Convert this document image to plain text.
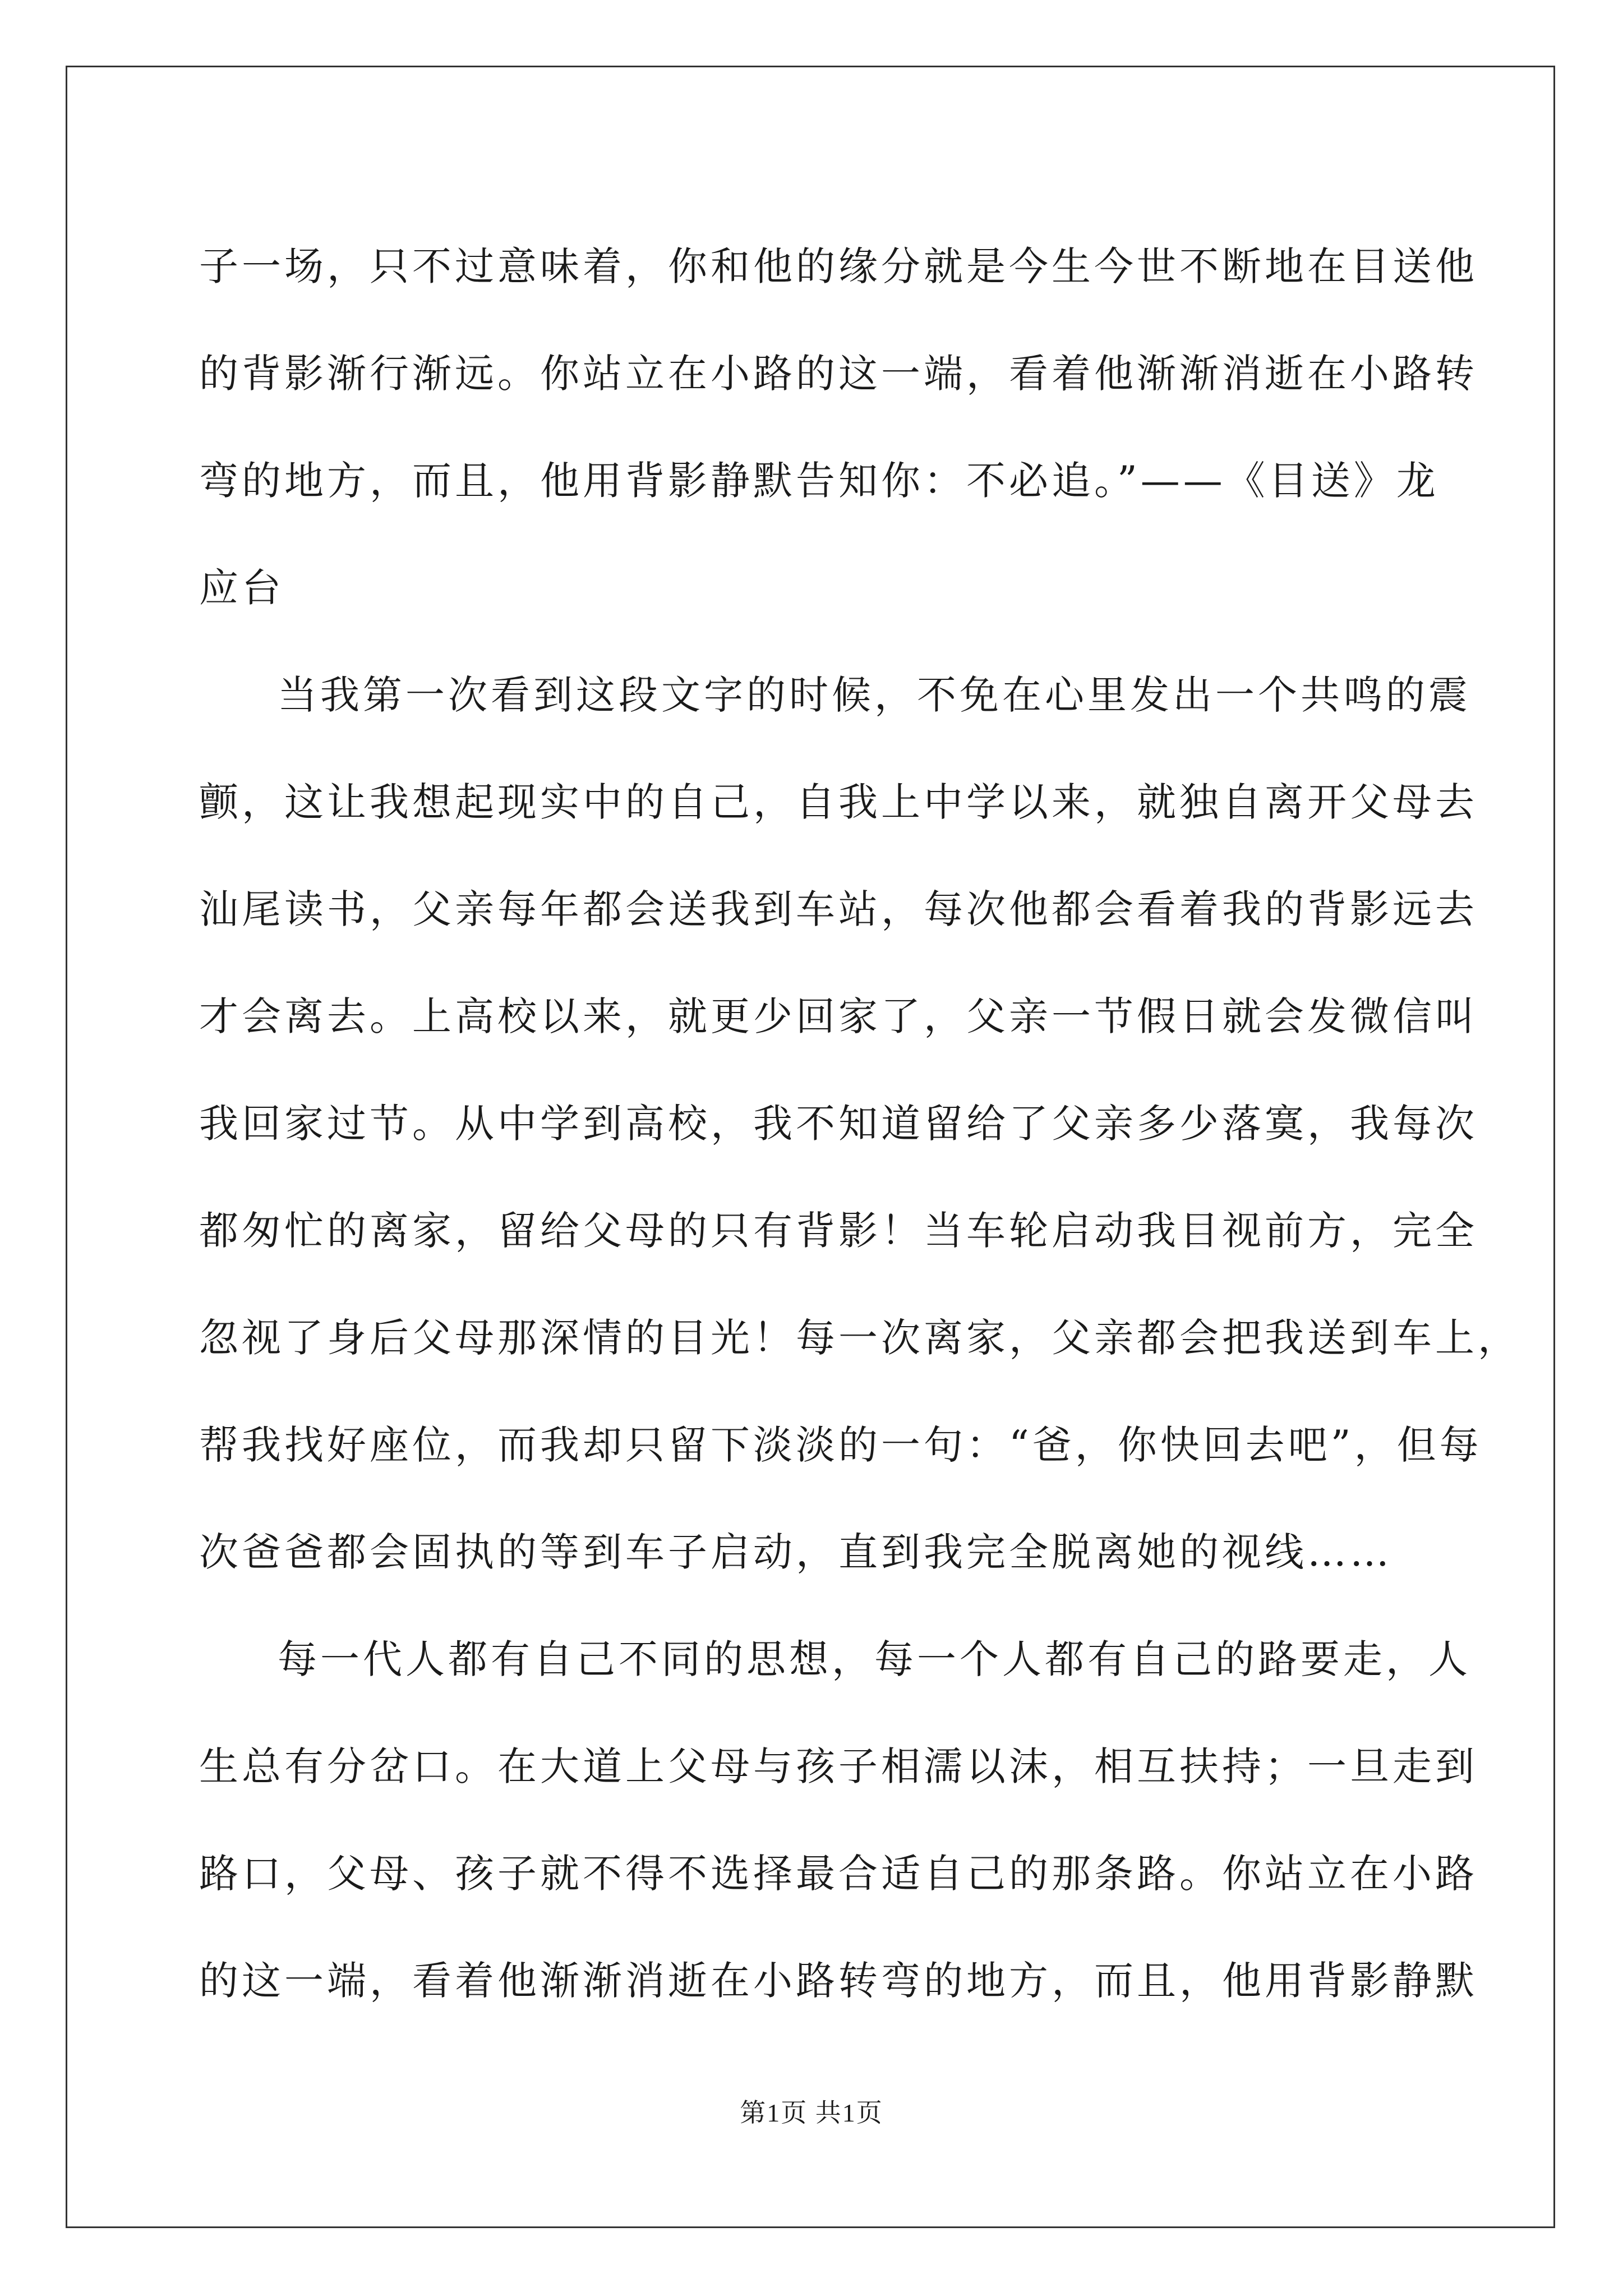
子一场，只不过意味着，你和他的缘分就是今生今世不断地在目送他
的背影渐行渐远。你站立在小路的这一端，看着他渐渐消逝在小路转
弯的地方，而且，他用背影静默告知你：不必追。”——《目送》龙
应台
当我第一次看到这段文字的时候，不免在心里发出一个共鸣的震
颤，这让我想起现实中的自己，自我上中学以来，就独自离开父母去
汕尾读书，父亲每年都会送我到车站，每次他都会看着我的背影远去
才会离去。上高校以来，就更少回家了，父亲一节假日就会发微信叫
我回家过节。从中学到高校，我不知道留给了父亲多少落寞，我每次
都匆忙的离家，留给父母的只有背影！当车轮启动我目视前方，完全
忽视了身后父母那深情的目光！每一次离家，父亲都会把我送到车上，
帮我找好座位，而我却只留下淡淡的一句：“爸，你快回去吧”，但每
次爸爸都会固执的等到车子启动，直到我完全脱离她的视线……
每一代人都有自己不同的思想，每一个人都有自己的路要走，人
生总有分岔口。在大道上父母与孩子相濡以沫，相互扶持；一旦走到
路口，父母、孩子就不得不选择最合适自己的那条路。你站立在小路
的这一端，看着他渐渐消逝在小路转弯的地方，而且，他用背影静默
第1页 共1页
